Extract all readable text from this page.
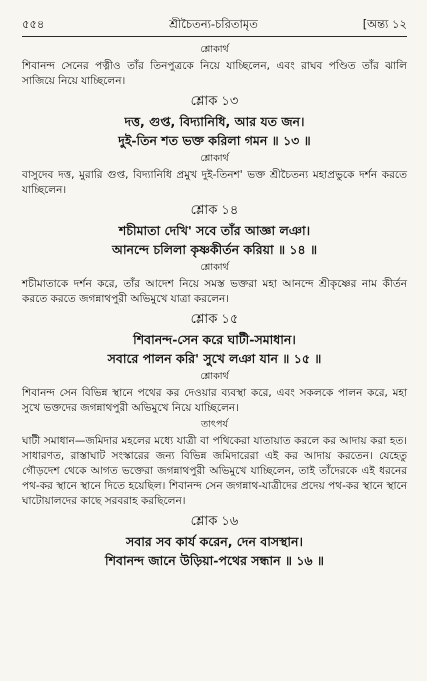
৫৫৪	[অন্ত্য ১২
শ্রীচৈতন্য-চরিতামৃত
শ্লোকার্থ
শিবানন্দ সেনের পত্নীও তাঁর তিনপুত্রকে নিয়ে যাচ্ছিলেন, এবং রাঘব পণ্ডিত তাঁর ঝালি সাজিয়ে নিয়ে যাচ্ছিলেন।
শ্লোক ১৩
দত্ত, গুপ্ত, বিদ্যানিধি, আর যত জন।
দুই-তিন শত ভক্ত করিলা গমন ॥ ১৩ ॥
শ্লোকার্থ
বাসুদেব দত্ত, মুরারি গুপ্ত, বিদ্যানিধি প্রমুখ দুই-তিনশ' ভক্ত শ্রীচৈতন্য মহাপ্রভুকে দর্শন করতে যাচ্ছিলেন।
শ্লোক ১৪
শচীমাতা দেখি' সবে তাঁর আজ্ঞা লঞা।
আনন্দে চলিলা কৃষ্ণকীর্তন করিয়া ॥ ১৪ ॥
শ্লোকার্থ
শচীমাতাকে দর্শন করে, তাঁর আদেশ নিয়ে সমস্ত ভক্তরা মহা আনন্দে শ্রীকৃষ্ণের নাম কীর্তন করতে করতে জগন্নাথপুরী অভিমুখে যাত্রা করলেন।
শ্লোক ১৫
শিবানন্দ-সেন করে ঘাটী-সমাধান।
সবারে পালন করি' সুখে লঞা যান ॥ ১৫ ॥
শ্লোকার্থ
শিবানন্দ সেন বিভিন্ন স্থানে পথের কর দেওয়ার ব্যবস্থা করে, এবং সকলকে পালন করে, মহা সুখে ভক্তদের জগন্নাথপুরী অভিমুখে নিয়ে যাচ্ছিলেন।
তাৎপর্য
ঘাটী সমাধান—জমিদার মহলের মধ্যে যাত্রী বা পথিকেরা যাতায়াত করলে কর আদায় করা হত। সাধারণত, রাস্তাঘাট সংস্কারের জন্য বিভিন্ন জমিদারেরা এই কর আদায় করতেন। যেহেতু গৌড়দেশ থেকে আগত ভক্তেরা জগন্নাথপুরী অভিমুখে যাচ্ছিলেন, তাই তাঁদেরকে এই ধরনের পথ-কর স্থানে স্থানে দিতে হয়েছিল। শিবানন্দ সেন জগন্নাথ-যাত্রীদের প্রদেয় পথ-কর স্থানে স্থানে ঘাটোয়ালদের কাছে সরবরাহ করছিলেন।
শ্লোক ১৬
সবার সব কার্য করেন, দেন বাসস্থান।
শিবানন্দ জানে উড়িয়া-পথের সন্ধান ॥ ১৬ ॥
